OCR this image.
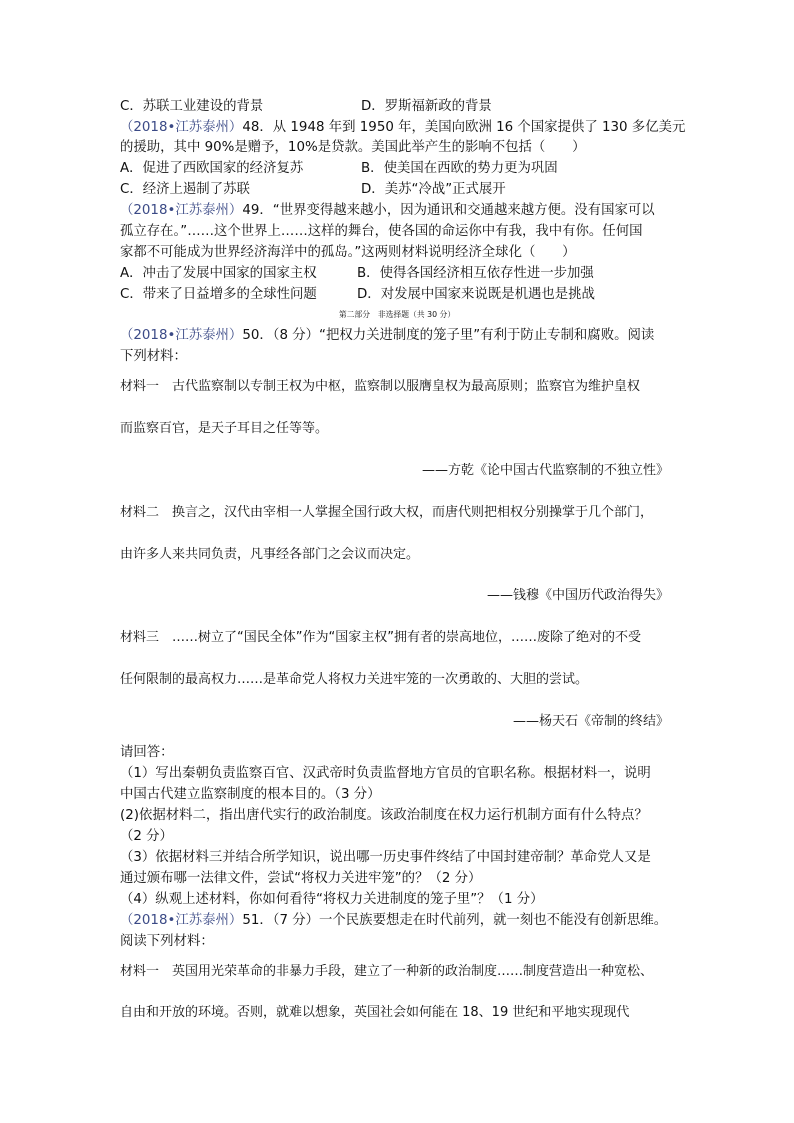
C．苏联工业建设的背景	D．罗斯福新政的背景
（2018•江苏泰州）48．从 1948 年到 1950 年，美国向欧洲 16 个国家提供了 130 多亿美元
的援助，其中 90%是赠予，10%是贷款。美国此举产生的影响不包括（　　）
A．促进了西欧国家的经济复苏	B．使美国在西欧的势力更为巩固
C．经济上遏制了苏联	D．美苏“冷战”正式展开
（2018•江苏泰州）49．“世界变得越来越小，因为通讯和交通越来越方便。没有国家可以
孤立存在。”……这个世界上……这样的舞台，使各国的命运你中有我，我中有你。任何国
家都不可能成为世界经济海洋中的孤岛。”这两则材料说明经济全球化（　　）
A．冲击了发展中国家的国家主权	B．使得各国经济相互依存性进一步加强
C．带来了日益增多的全球性问题	D．对发展中国家来说既是机遇也是挑战
第二部分　非选择题（共 30 分）
（2018•江苏泰州）50．（8 分）“把权力关进制度的笼子里”有利于防止专制和腐败。阅读
下列材料：
材料一　古代监察制以专制王权为中枢，监察制以服膺皇权为最高原则；监察官为维护皇权
而监察百官，是天子耳目之任等等。
——方乾《论中国古代监察制的不独立性》
材料二　换言之，汉代由宰相一人掌握全国行政大权，而唐代则把相权分别操掌于几个部门，
由许多人来共同负责，凡事经各部门之会议而决定。
——钱穆《中国历代政治得失》
材料三　……树立了“国民全体”作为“国家主权”拥有者的崇高地位，……废除了绝对的不受
任何限制的最高权力……是革命党人将权力关进牢笼的一次勇敢的、大胆的尝试。
——杨天石《帝制的终结》
请回答：
（1）写出秦朝负责监察百官、汉武帝时负责监督地方官员的官职名称。根据材料一，说明
中国古代建立监察制度的根本目的。（3 分）
(2)依据材料二，指出唐代实行的政治制度。该政治制度在权力运行机制方面有什么特点？
（2 分）
（3）依据材料三并结合所学知识，说出哪一历史事件终结了中国封建帝制？革命党人又是
通过颁布哪一法律文件，尝试“将权力关进牢笼”的？（2 分）
（4）纵观上述材料，你如何看待“将权力关进制度的笼子里”？（1 分）
（2018•江苏泰州）51．（7 分）一个民族要想走在时代前列，就一刻也不能没有创新思维。
阅读下列材料：
材料一　英国用光荣革命的非暴力手段，建立了一种新的政治制度……制度营造出一种宽松、
自由和开放的环境。否则，就难以想象，英国社会如何能在 18、19 世纪和平地实现现代
